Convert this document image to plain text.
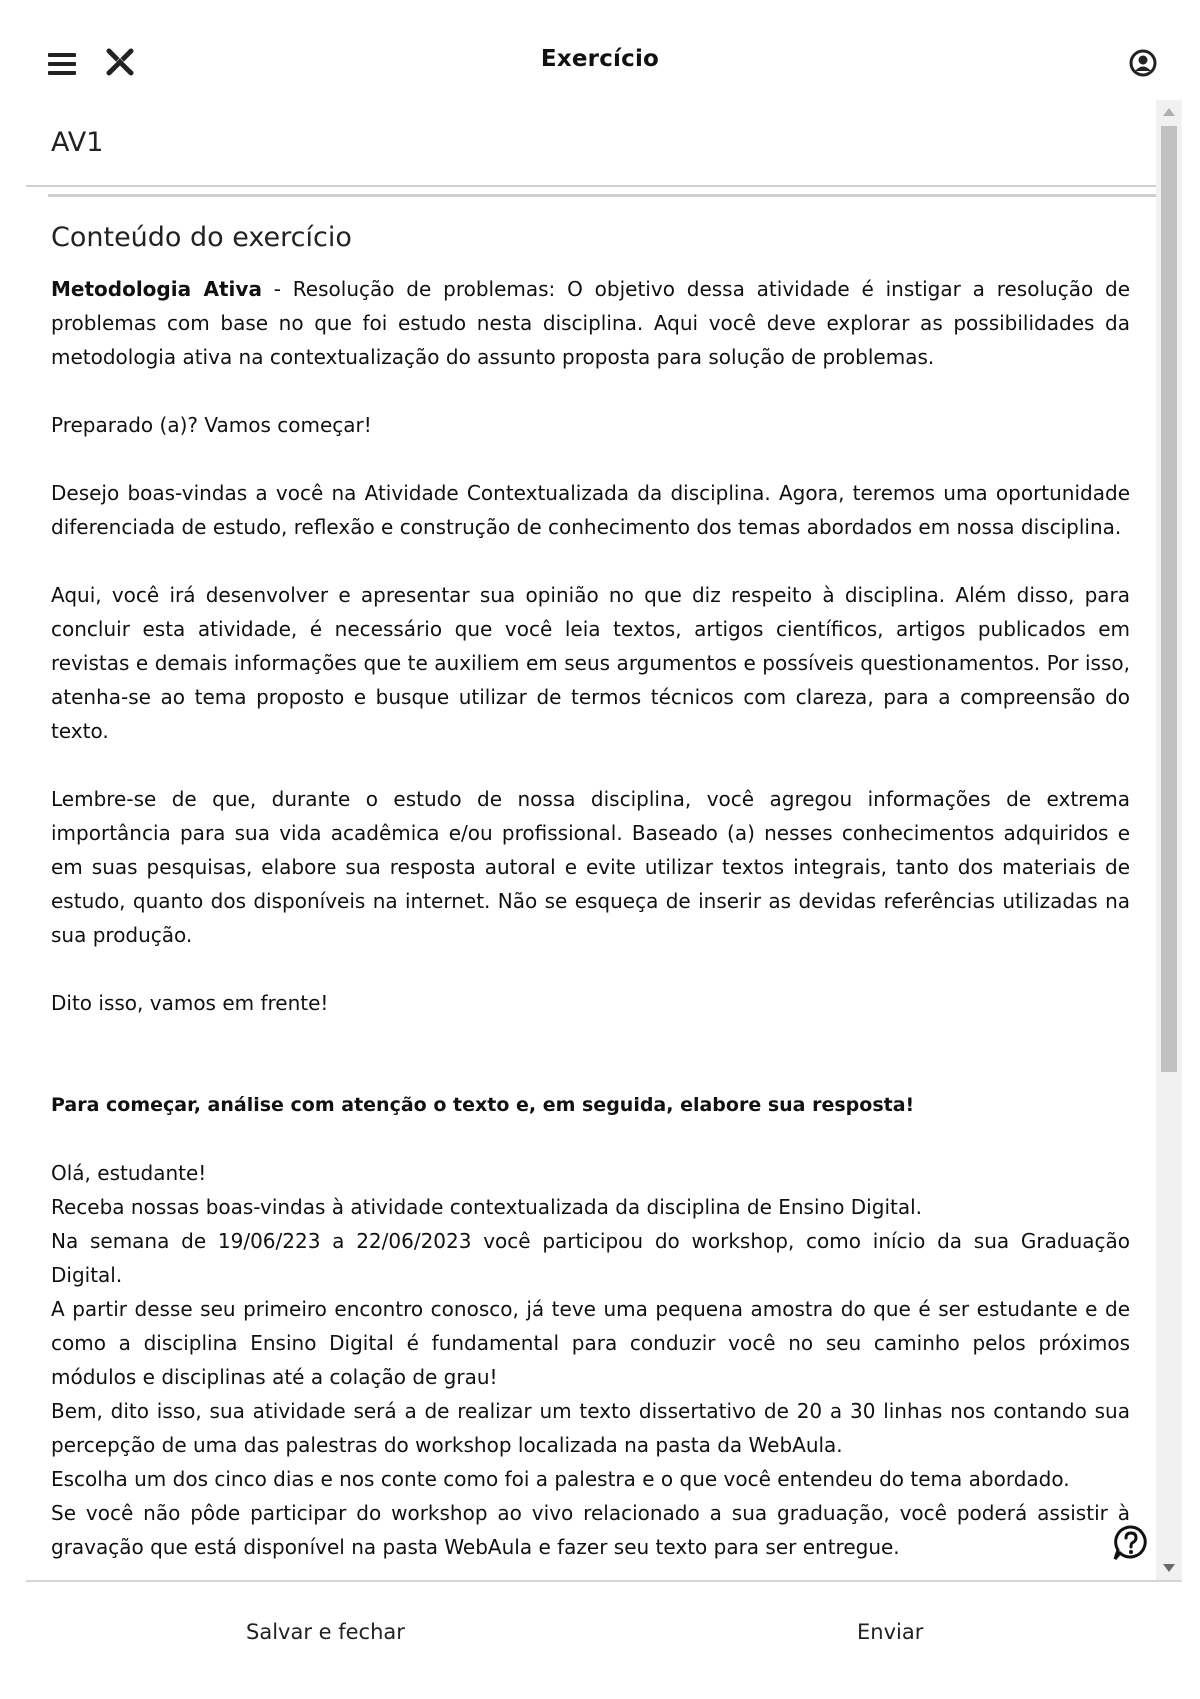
Exercício
AV1
Conteúdo do exercício

Metodologia Ativa - Resolução de problemas: O objetivo dessa atividade é instigar a resolução de problemas com base no que foi estudo nesta disciplina. Aqui você deve explorar as possibilidades da metodologia ativa na contextualização do assunto proposta para solução de problemas.

Preparado (a)? Vamos começar!

Desejo boas-vindas a você na Atividade Contextualizada da disciplina. Agora, teremos uma oportunidade diferenciada de estudo, reflexão e construção de conhecimento dos temas abordados em nossa disciplina.

Aqui, você irá desenvolver e apresentar sua opinião no que diz respeito à disciplina. Além disso, para concluir esta atividade, é necessário que você leia textos, artigos científicos, artigos publicados em revistas e demais informações que te auxiliem em seus argumentos e possíveis questionamentos. Por isso, atenha-se ao tema proposto e busque utilizar de termos técnicos com clareza, para a compreensão do texto.

Lembre-se de que, durante o estudo de nossa disciplina, você agregou informações de extrema importância para sua vida acadêmica e/ou profissional. Baseado (a) nesses conhecimentos adquiridos e em suas pesquisas, elabore sua resposta autoral e evite utilizar textos integrais, tanto dos materiais de estudo, quanto dos disponíveis na internet. Não se esqueça de inserir as devidas referências utilizadas na sua produção.

Dito isso, vamos em frente!

Para começar, análise com atenção o texto e, em seguida, elabore sua resposta!

Olá, estudante!

Receba nossas boas-vindas à atividade contextualizada da disciplina de Ensino Digital.

Na semana de 19/06/223 a 22/06/2023 você participou do workshop, como início da sua Graduação Digital.

A partir desse seu primeiro encontro conosco, já teve uma pequena amostra do que é ser estudante e de como a disciplina Ensino Digital é fundamental para conduzir você no seu caminho pelos próximos módulos e disciplinas até a colação de grau!

Bem, dito isso, sua atividade será a de realizar um texto dissertativo de 20 a 30 linhas nos contando sua percepção de uma das palestras do workshop localizada na pasta da WebAula.

Escolha um dos cinco dias e nos conte como foi a palestra e o que você entendeu do tema abordado.

Se você não pôde participar do workshop ao vivo relacionado a sua graduação, você poderá assistir à gravação que está disponível na pasta WebAula e fazer seu texto para ser entregue.

Salvar e fechar	Enviar
